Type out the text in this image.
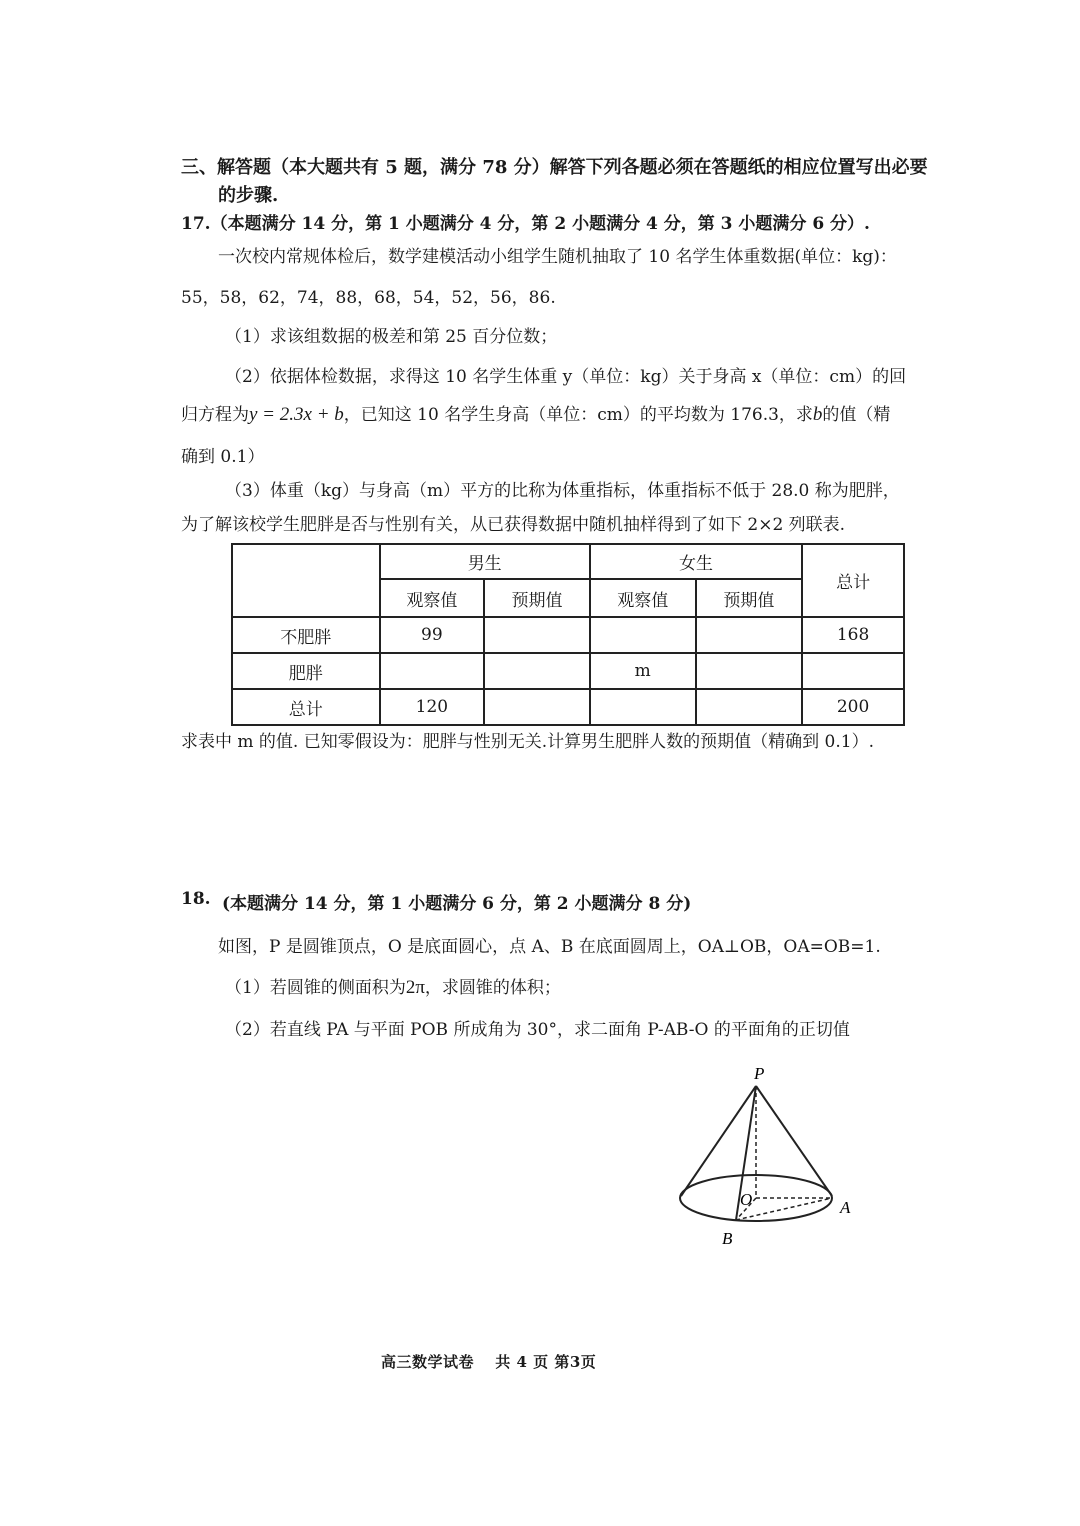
三、解答题（本大题共有 5 题，满分 78 分）解答下列各题必须在答题纸的相应位置写出必要
的步骤.
17.（本题满分 14 分，第 1 小题满分 4 分，第 2 小题满分 4 分，第 3 小题满分 6 分）.
一次校内常规体检后，数学建模活动小组学生随机抽取了 10 名学生体重数据(单位：kg)：
55，58，62，74，88，68，54，52，56，86.
（1）求该组数据的极差和第 25 百分位数；
（2）依据体检数据，求得这 10 名学生体重 y（单位：kg）关于身高 x（单位：cm）的回
归方程为y = 2.3x + b，已知这 10 名学生身高（单位：cm）的平均数为 176.3，求b的值（精
确到 0.1）
（3）体重（kg）与身高（m）平方的比称为体重指标，体重指标不低于 28.0 称为肥胖，
为了解该校学生肥胖是否与性别有关，从已获得数据中随机抽样得到了如下 2×2 列联表.
	男生		女生		总计
	观察值	预期值	观察值	预期值	
不肥胖	99				168
肥胖			m		
总计	120				200
求表中 m 的值. 已知零假设为：肥胖与性别无关.计算男生肥胖人数的预期值（精确到 0.1）.
18. (本题满分 14 分，第 1 小题满分 6 分，第 2 小题满分 8 分)
如图，P 是圆锥顶点，O 是底面圆心，点 A、B 在底面圆周上，OA⊥OB，OA=OB=1.
（1）若圆锥的侧面积为2π，求圆锥的体积；
（2）若直线 PA 与平面 POB 所成角为 30°，求二面角 P-AB-O 的平面角的正切值
P
O	A
B
高三数学试卷　 共 4 页 第3页
